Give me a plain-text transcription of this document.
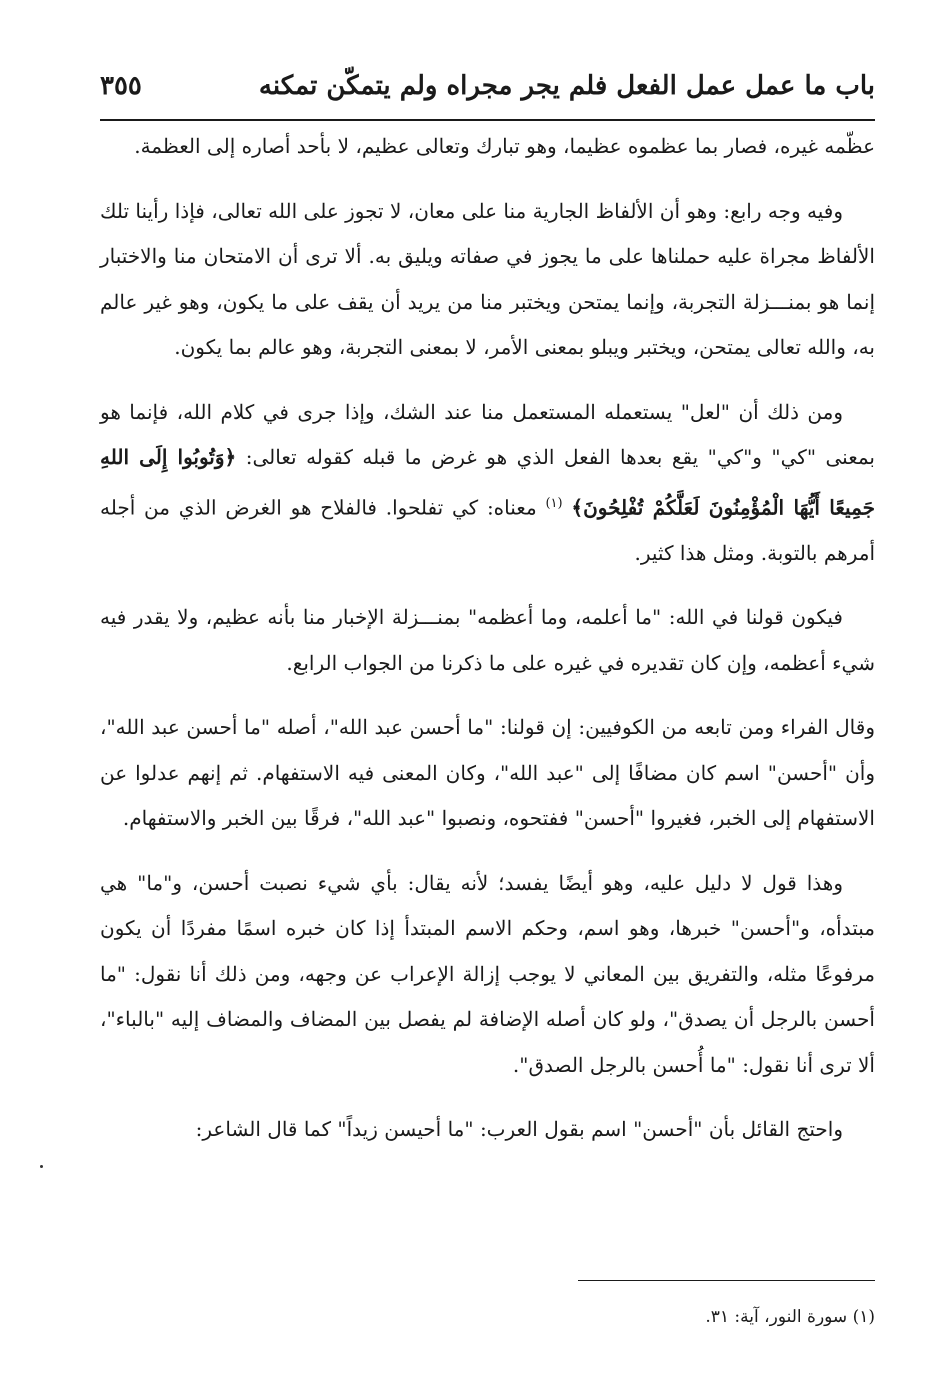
باب ما عمل عمل الفعل فلم يجر مجراه ولم يتمكّن تمكنه
٣٥٥

عظّمه غيره، فصار بما عظموه عظيما، وهو تبارك وتعالى عظيم، لا بأحد أصاره إلى العظمة.

وفيه وجه رابع: وهو أن الألفاظ الجارية منا على معان، لا تجوز على الله تعالى، فإذا رأينا تلك الألفاظ مجراة عليه حملناها على ما يجوز في صفاته ويليق به. ألا ترى أن الامتحان منا والاختبار إنما هو بمنـــزلة التجربة، وإنما يمتحن ويختبر منا من يريد أن يقف على ما يكون، وهو غير عالم به، والله تعالى يمتحن، ويختبر ويبلو بمعنى الأمر، لا بمعنى التجربة، وهو عالم بما يكون.

ومن ذلك أن "لعل" يستعمله المستعمل منا عند الشك، وإذا جرى في كلام الله، فإنما هو بمعنى "كي" و"كي" يقع بعدها الفعل الذي هو غرض ما قبله كقوله تعالى: ﴿وَتُوبُوا إِلَى اللهِ جَمِيعًا أَيُّهَا الْمُؤْمِنُونَ لَعَلَّكُمْ تُفْلِحُونَ﴾ $^{(١)}$ معناه: كي تفلحوا. فالفلاح هو الغرض الذي من أجله أمرهم بالتوبة. ومثل هذا كثير.

فيكون قولنا في الله: "ما أعلمه، وما أعظمه" بمنـــزلة الإخبار منا بأنه عظيم، ولا يقدر فيه شيء أعظمه، وإن كان تقديره في غيره على ما ذكرنا من الجواب الرابع.

وقال الفراء ومن تابعه من الكوفيين: إن قولنا: "ما أحسن عبد الله"، أصله "ما أحسن عبد الله"، وأن "أحسن" اسم كان مضافًا إلى "عبد الله"، وكان المعنى فيه الاستفهام. ثم إنهم عدلوا عن الاستفهام إلى الخبر، فغيروا "أحسن" ففتحوه، ونصبوا "عبد الله"، فرقًا بين الخبر والاستفهام.

وهذا قول لا دليل عليه، وهو أيضًا يفسد؛ لأنه يقال: بأي شيء نصبت أحسن، و"ما" هي مبتدأه، و"أحسن" خبرها، وهو اسم، وحكم الاسم المبتدأ إذا كان خبره اسمًا مفردًا أن يكون مرفوعًا مثله، والتفريق بين المعاني لا يوجب إزالة الإعراب عن وجهه، ومن ذلك أنا نقول: "ما أحسن بالرجل أن يصدق"، ولو كان أصله الإضافة لم يفصل بين المضاف والمضاف إليه "بالباء"، ألا ترى أنا نقول: "ما أُحسن بالرجل الصدق".

واحتج القائل بأن "أحسن" اسم بقول العرب: "ما أحيسن زيداً" كما قال الشاعر:

(١) سورة النور، آية: ٣١.
